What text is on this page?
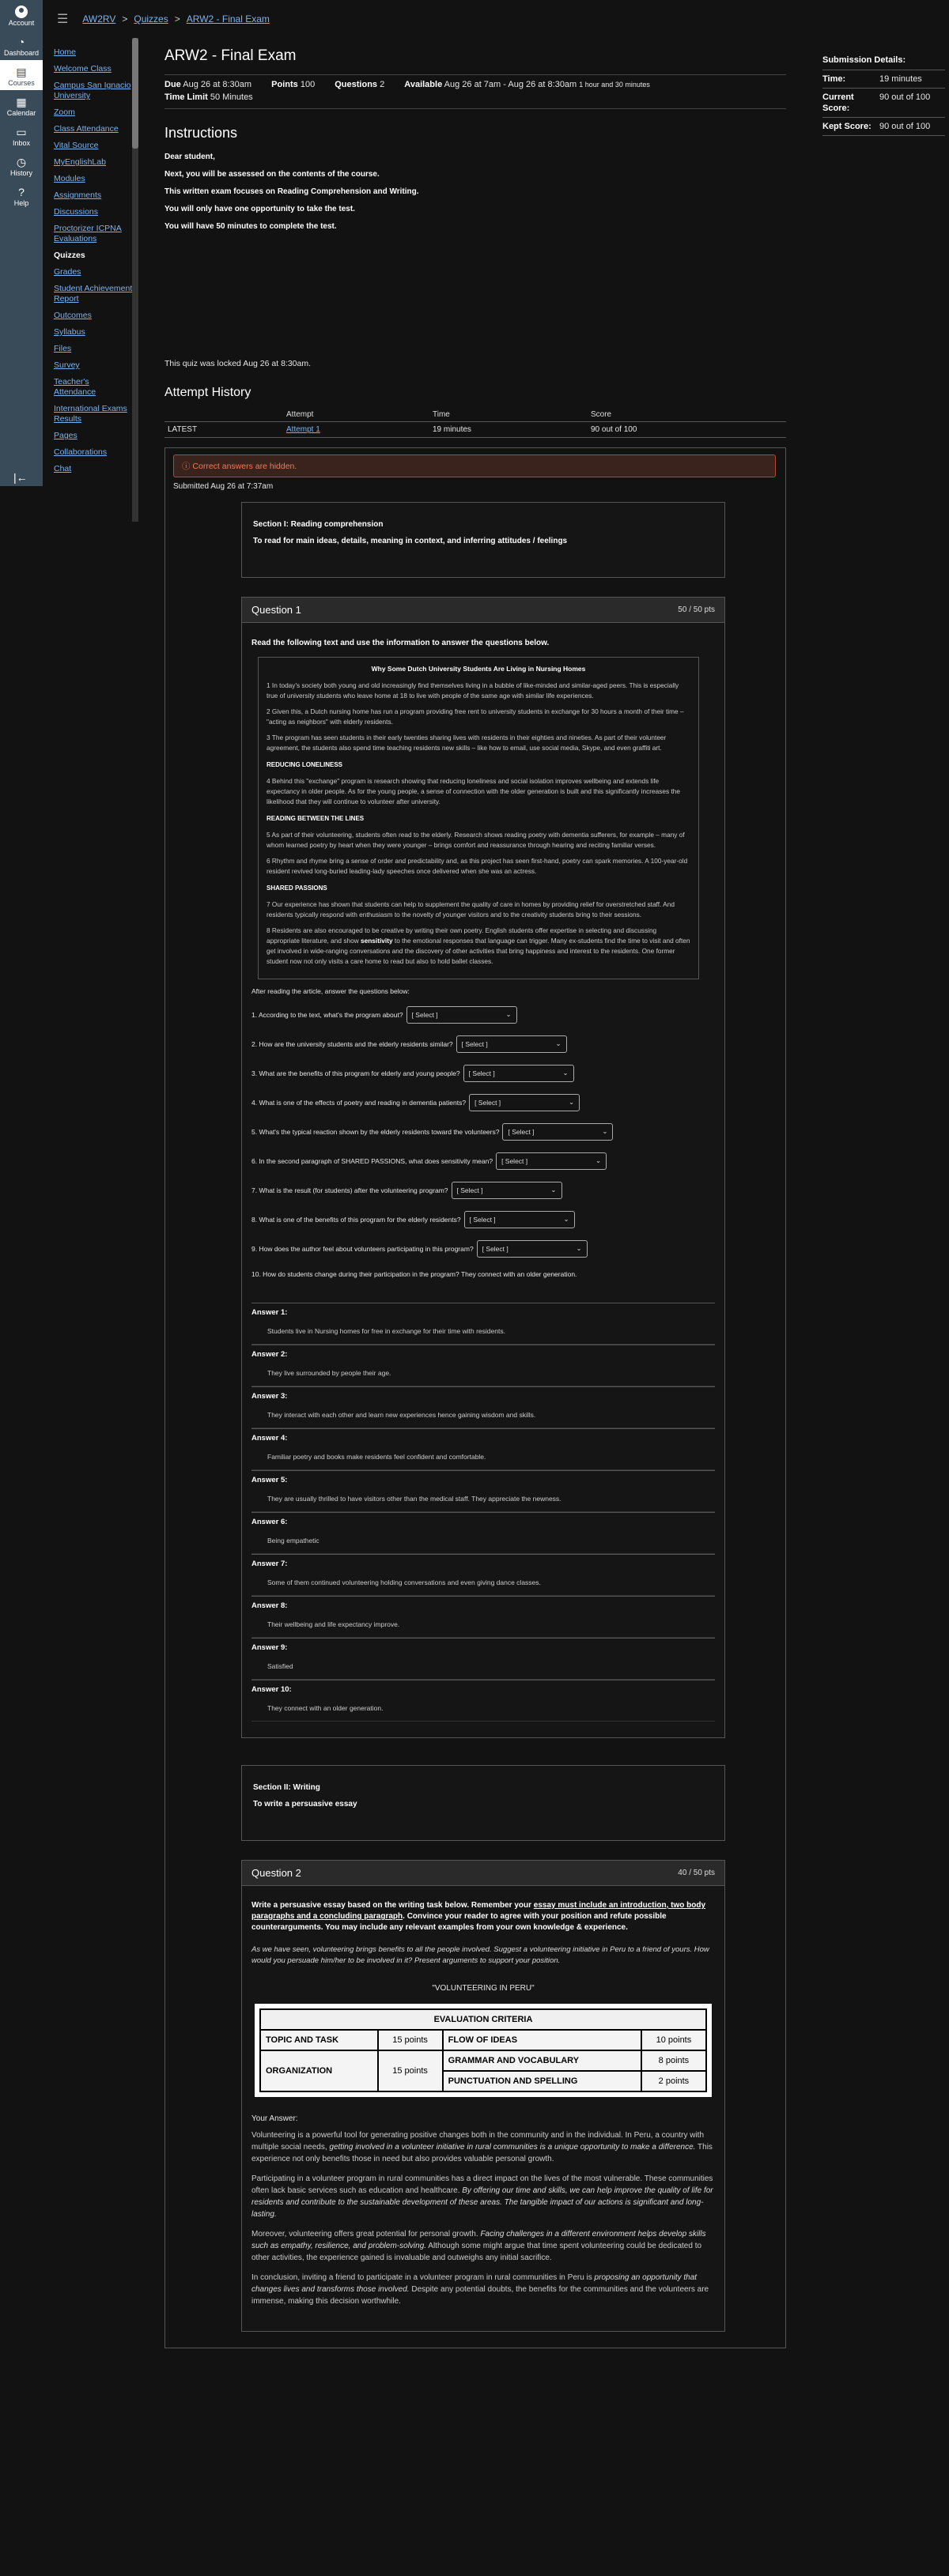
Account
◔
Dashboard
▤
Courses
▦
Calendar
▭
Inbox
◷
History
?
Help
|←
☰ AW2RV > Quizzes > ARW2 - Final Exam
Home
Welcome Class
Campus San Ignacio University
Zoom
Class Attendance
Vital Source
MyEnglishLab
Modules
Assignments
Discussions
Proctorizer ICPNA Evaluations
Quizzes
Grades
Student Achievement Report
Outcomes
Syllabus
Files
Survey
Teacher's Attendance
International Exams Results
Pages
Collaborations
Chat
ARW2 - Final Exam
Due Aug 26 at 8:30am Points 100 Questions 2 Available Aug 26 at 7am - Aug 26 at 8:30am 1 hour and 30 minutes
Time Limit 50 Minutes
Instructions

Dear student,

Next, you will be assessed on the contents of the course.

This written exam focuses on Reading Comprehension and Writing.

You will only have one opportunity to take the test.

You will have 50 minutes to complete the test.

This quiz was locked Aug 26 at 8:30am.
Attempt History
	Attempt	Time	Score
LATEST	Attempt 1	19 minutes	90 out of 100
ⓘ Correct answers are hidden.
Submitted Aug 26 at 7:37am

Section I: Reading comprehension

To read for main ideas, details, meaning in context, and inferring attitudes / feelings

Question 1	50 / 50 pts

Read the following text and use the information to answer the questions below.

Why Some Dutch University Students Are Living in Nursing Homes

1 In today's society both young and old increasingly find themselves living in a bubble of like-minded and similar-aged peers. This is especially true of university students who leave home at 18 to live with people of the same age with similar life experiences.

2 Given this, a Dutch nursing home has run a program providing free rent to university students in exchange for 30 hours a month of their time – "acting as neighbors" with elderly residents.

3 The program has seen students in their early twenties sharing lives with residents in their eighties and nineties. As part of their volunteer agreement, the students also spend time teaching residents new skills – like how to email, use social media, Skype, and even graffiti art.

REDUCING LONELINESS

4 Behind this "exchange" program is research showing that reducing loneliness and social isolation improves wellbeing and extends life expectancy in older people. As for the young people, a sense of connection with the older generation is built and this significantly increases the likelihood that they will continue to volunteer after university.

READING BETWEEN THE LINES

5 As part of their volunteering, students often read to the elderly. Research shows reading poetry with dementia sufferers, for example – many of whom learned poetry by heart when they were younger – brings comfort and reassurance through hearing and reciting familiar verses.

6 Rhythm and rhyme bring a sense of order and predictability and, as this project has seen first-hand, poetry can spark memories. A 100-year-old resident revived long-buried leading-lady speeches once delivered when she was an actress.

SHARED PASSIONS

7 Our experience has shown that students can help to supplement the quality of care in homes by providing relief for overstretched staff. And residents typically respond with enthusiasm to the novelty of younger visitors and to the creativity students bring to their sessions.

8 Residents are also encouraged to be creative by writing their own poetry. English students offer expertise in selecting and discussing appropriate literature, and show sensitivity to the emotional responses that language can trigger. Many ex-students find the time to visit and often get involved in wide-ranging conversations and the discovery of other activities that bring happiness and interest to the residents. One former student now not only visits a care home to read but also to hold ballet classes.

After reading the article, answer the questions below:
1. According to the text, what's the program about? [ Select ]	⌄
2. How are the university students and the elderly residents similar? [ Select ]	⌄
3. What are the benefits of this program for elderly and young people? [ Select ]	⌄
4. What is one of the effects of poetry and reading in dementia patients? [ Select ]	⌄
5. What's the typical reaction shown by the elderly residents toward the volunteers? [ Select ]	⌄
6. In the second paragraph of SHARED PASSIONS, what does sensitivity mean? [ Select ]	⌄
7. What is the result (for students) after the volunteering program? [ Select ]	⌄
8. What is one of the benefits of this program for the elderly residents? [ Select ]	⌄
9. How does the author feel about volunteers participating in this program? [ Select ]	⌄
10. How do students change during their participation in the program? They connect with an older generation.
Answer 1:
Students live in Nursing homes for free in exchange for their time with residents.
Answer 2:
They live surrounded by people their age.
Answer 3:
They interact with each other and learn new experiences hence gaining wisdom and skills.
Answer 4:
Familiar poetry and books make residents feel confident and comfortable.
Answer 5:
They are usually thrilled to have visitors other than the medical staff. They appreciate the newness.
Answer 6:
Being empathetic
Answer 7:
Some of them continued volunteering holding conversations and even giving dance classes.
Answer 8:
Their wellbeing and life expectancy improve.
Answer 9:
Satisfied
Answer 10:
They connect with an older generation.

Section II: Writing

To write a persuasive essay

Question 2	40 / 50 pts

Write a persuasive essay based on the writing task below. Remember your essay must include an introduction, two body paragraphs and a concluding paragraph. Convince your reader to agree with your position and refute possible counterarguments. You may include any relevant examples from your own knowledge & experience.

As we have seen, volunteering brings benefits to all the people involved. Suggest a volunteering initiative in Peru to a friend of yours. How would you persuade him/her to be involved in it? Present arguments to support your position.

"VOLUNTEERING IN PERU"

EVALUATION CRITERIA			
TOPIC AND TASK	15 points	FLOW OF IDEAS	10 points
ORGANIZATION	15 points	GRAMMAR AND VOCABULARY	8 points
		PUNCTUATION AND SPELLING	2 points
Your Answer:

Volunteering is a powerful tool for generating positive changes both in the community and in the individual. In Peru, a country with multiple social needs, getting involved in a volunteer initiative in rural communities is a unique opportunity to make a difference. This experience not only benefits those in need but also provides valuable personal growth.

Participating in a volunteer program in rural communities has a direct impact on the lives of the most vulnerable. These communities often lack basic services such as education and healthcare. By offering our time and skills, we can help improve the quality of life for residents and contribute to the sustainable development of these areas. The tangible impact of our actions is significant and long-lasting.

Moreover, volunteering offers great potential for personal growth. Facing challenges in a different environment helps develop skills such as empathy, resilience, and problem-solving. Although some might argue that time spent volunteering could be dedicated to other activities, the experience gained is invaluable and outweighs any initial sacrifice.

In conclusion, inviting a friend to participate in a volunteer program in rural communities in Peru is proposing an opportunity that changes lives and transforms those involved. Despite any potential doubts, the benefits for the communities and the volunteers are immense, making this decision worthwhile.

Submission Details:
Time:	19 minutes
Current Score:
90 out of 100
Kept Score: 90 out of 100
